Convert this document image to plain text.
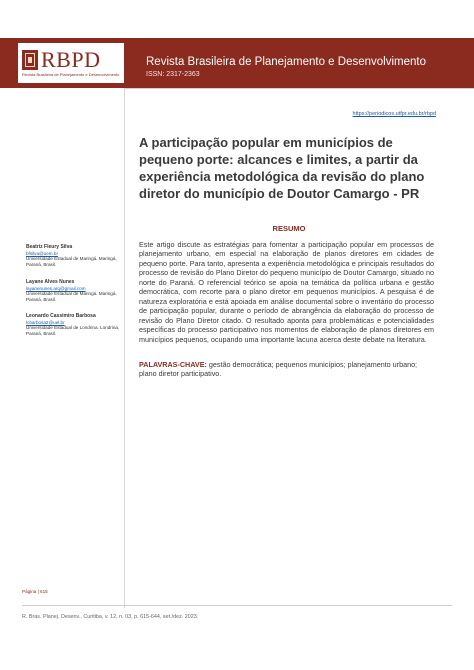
RBPD
Revista Brasileira de Planejamento e Desenvolvimento
Revista Brasileira de Planejamento e Desenvolvimento
ISSN: 2317-2363
https://periodicos.utfpr.edu.br/rbpd
A participação popular em municípios de pequeno porte: alcances e limites, a partir da experiência metodológica da revisão do plano diretor do município de Doutor Camargo - PR
RESUMO

Este artigo discute as estratégias para fomentar a participação popular em processos de planejamento urbano, em especial na elaboração de planos diretores em cidades de pequeno porte. Para tanto, apresenta a experiência metodológica e principais resultados do processo de revisão do Plano Diretor do pequeno município de Doutor Camargo, situado no norte do Paraná. O referencial teórico se apoia na temática da política urbana e gestão democrática, com recorte para o plano diretor em pequenos municípios. A pesquisa é de natureza exploratória e está apoiada em análise documental sobre o inventário do processo de participação popular, durante o período de abrangência da elaboração do processo de revisão do Plano Diretor citado. O resultado aponta para problemáticas e potencialidades específicas do processo participativo nos momentos de elaboração de planos diretores em municípios pequenos, ocupando uma importante lacuna acerca deste debate na literatura.

PALAVRAS-CHAVE: gestão democrática; pequenos municípios; planejamento urbano; plano diretor participativo.

Beatriz Fleury Silva
bfsilva@uem.br
Universidade Estadual de Maringá. Maringá, Paraná, Brasil.
Layane Alves Nunes
layanenunes.arq@gmail.com
Universidade Estadual de Maringá. Maringá, Paraná, Brasil.
Leonardo Cassimiro Barbosa
lcbarbosa2@uel.br
Universidade Estadual de Londrina. Londrina, Paraná, Brasil.
Página | 615
R. Bras. Planej. Desenv., Curitiba, v. 12, n. 03, p. 615-644, set./dez. 2023.
